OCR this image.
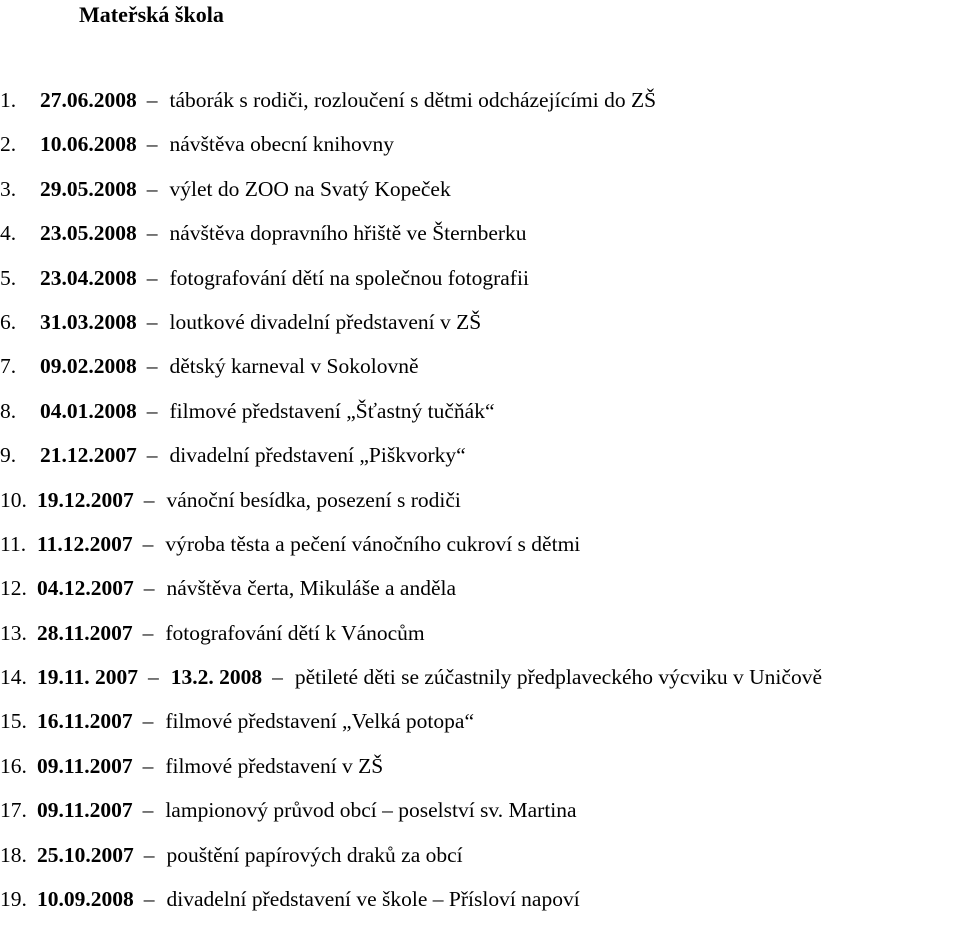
Mateřská škola
1. 27.06.2008 – táborák s rodiči, rozloučení s dětmi odcházejícími do ZŠ
2. 10.06.2008 – návštěva obecní knihovny
3. 29.05.2008 – výlet do ZOO na Svatý Kopeček
4. 23.05.2008 – návštěva dopravního hřiště ve Šternberku
5. 23.04.2008 – fotografování dětí na společnou fotografii
6. 31.03.2008 – loutkové divadelní představení v ZŠ
7. 09.02.2008 – dětský karneval v Sokolovně
8. 04.01.2008 – filmové představení „Šťastný tučňák“
9. 21.12.2007 – divadelní představení „Piškvorky“
10. 19.12.2007 – vánoční besídka, posezení s rodiči
11. 11.12.2007 – výroba těsta a pečení vánočního cukroví s dětmi
12. 04.12.2007 – návštěva čerta, Mikuláše a anděla
13. 28.11.2007 – fotografování dětí k Vánocům
14. 19.11. 2007 – 13.2. 2008 – pětileté děti se zúčastnily předplaveckého výcviku v Uničově
15. 16.11.2007 – filmové představení „Velká potopa“
16. 09.11.2007 – filmové představení v ZŠ
17. 09.11.2007 – lampionový průvod obcí – poselství sv. Martina
18. 25.10.2007 – pouštění papírových draků za obcí
19. 10.09.2008 – divadelní představení ve škole – Přísloví napoví
